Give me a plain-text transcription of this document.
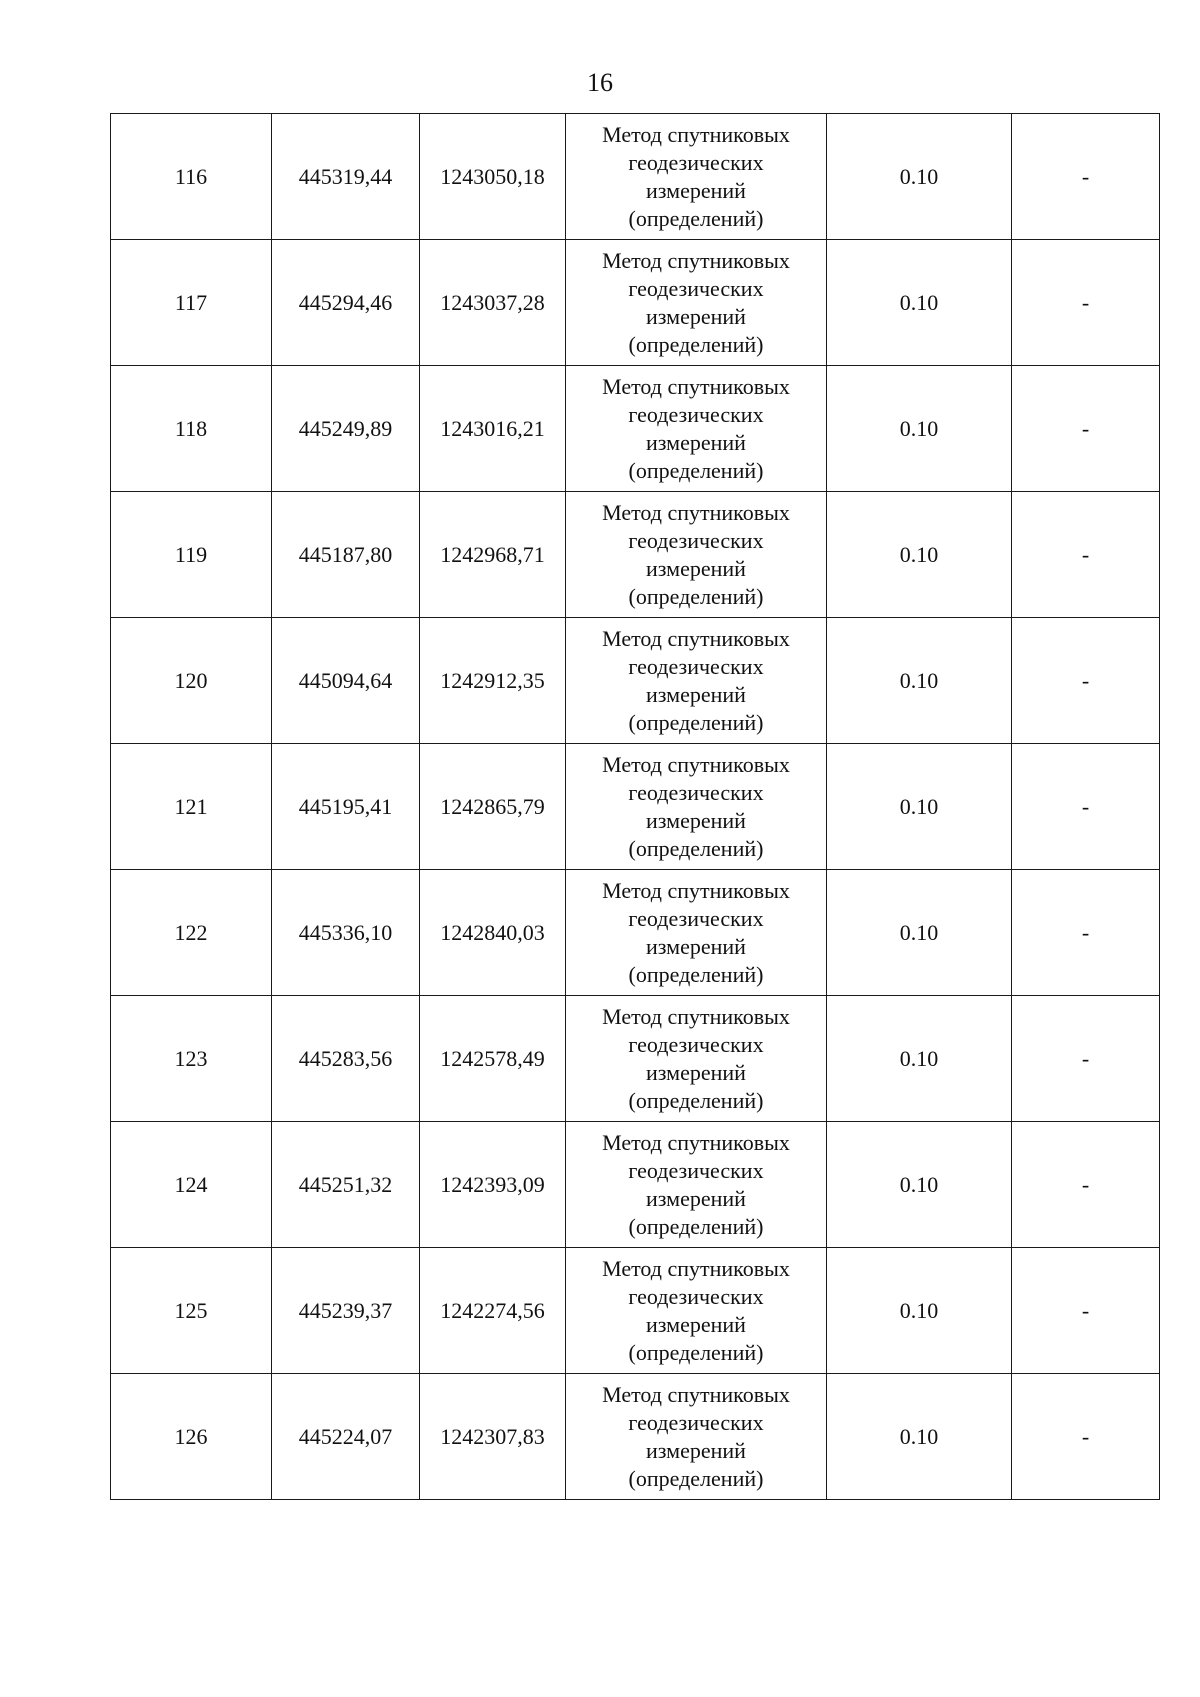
16
116	445319,44	1243050,18	Метод спутниковых
геодезических
измерений
(определений)	0.10	-
117	445294,46	1243037,28	Метод спутниковых
геодезических
измерений
(определений)	0.10	-
118	445249,89	1243016,21	Метод спутниковых
геодезических
измерений
(определений)	0.10	-
119	445187,80	1242968,71	Метод спутниковых
геодезических
измерений
(определений)	0.10	-
120	445094,64	1242912,35	Метод спутниковых
геодезических
измерений
(определений)	0.10	-
121	445195,41	1242865,79	Метод спутниковых
геодезических
измерений
(определений)	0.10	-
122	445336,10	1242840,03	Метод спутниковых
геодезических
измерений
(определений)	0.10	-
123	445283,56	1242578,49	Метод спутниковых
геодезических
измерений
(определений)	0.10	-
124	445251,32	1242393,09	Метод спутниковых
геодезических
измерений
(определений)	0.10	-
125	445239,37	1242274,56	Метод спутниковых
геодезических
измерений
(определений)	0.10	-
126	445224,07	1242307,83	Метод спутниковых
геодезических
измерений
(определений)	0.10	-
